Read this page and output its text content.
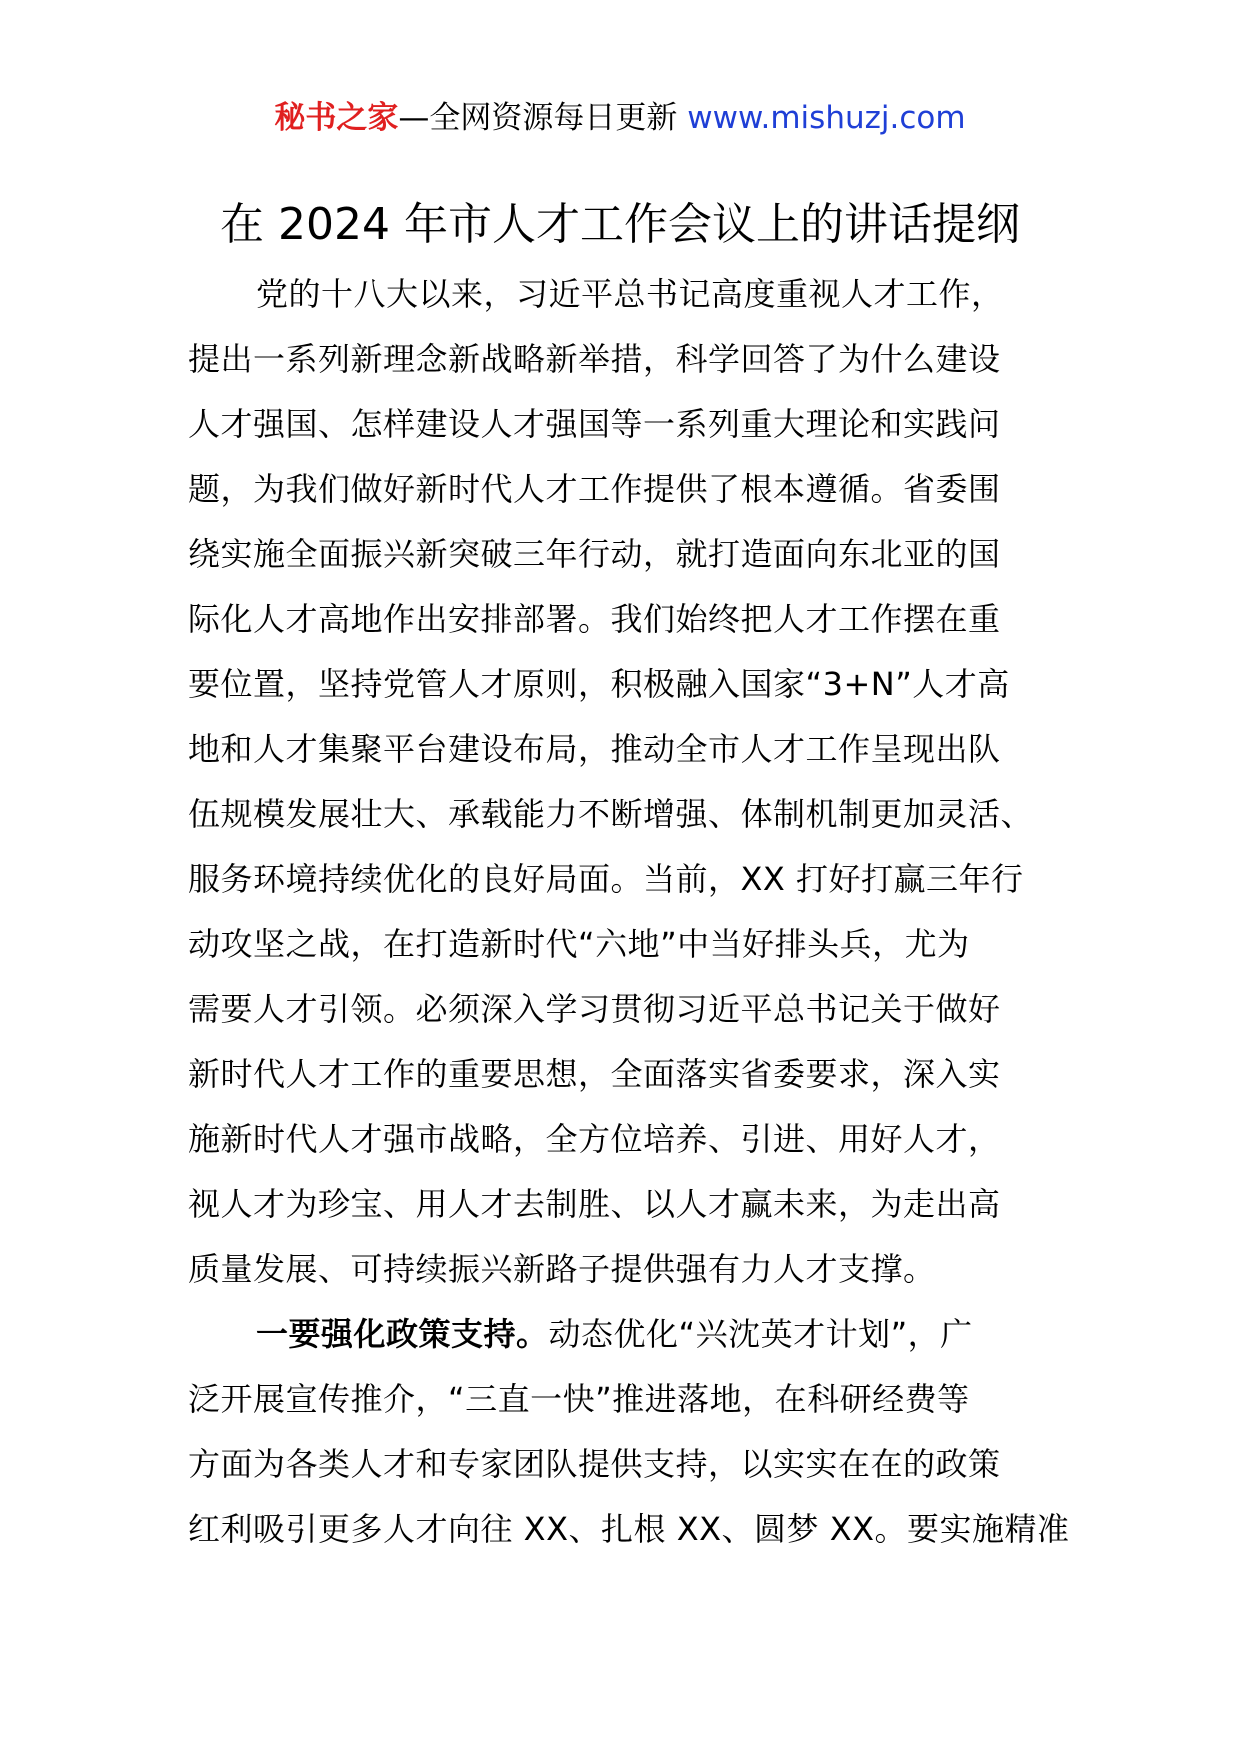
秘书之家—全网资源每日更新 www.mishuzj.com
在 2024 年市人才工作会议上的讲话提纲
党的十八大以来，习近平总书记高度重视人才工作，
提出一系列新理念新战略新举措，科学回答了为什么建设
人才强国、怎样建设人才强国等一系列重大理论和实践问
题，为我们做好新时代人才工作提供了根本遵循。省委围
绕实施全面振兴新突破三年行动，就打造面向东北亚的国
际化人才高地作出安排部署。我们始终把人才工作摆在重
要位置，坚持党管人才原则，积极融入国家“3+N”人才高
地和人才集聚平台建设布局，推动全市人才工作呈现出队
伍规模发展壮大、承载能力不断增强、体制机制更加灵活、
服务环境持续优化的良好局面。当前，XX 打好打赢三年行
动攻坚之战，在打造新时代“六地”中当好排头兵，尤为
需要人才引领。必须深入学习贯彻习近平总书记关于做好
新时代人才工作的重要思想，全面落实省委要求，深入实
施新时代人才强市战略，全方位培养、引进、用好人才，
视人才为珍宝、用人才去制胜、以人才赢未来，为走出高
质量发展、可持续振兴新路子提供强有力人才支撑。
一要强化政策支持。动态优化“兴沈英才计划”，广
泛开展宣传推介，“三直一快”推进落地，在科研经费等
方面为各类人才和专家团队提供支持，以实实在在的政策
红利吸引更多人才向往 XX、扎根 XX、圆梦 XX。要实施精准
